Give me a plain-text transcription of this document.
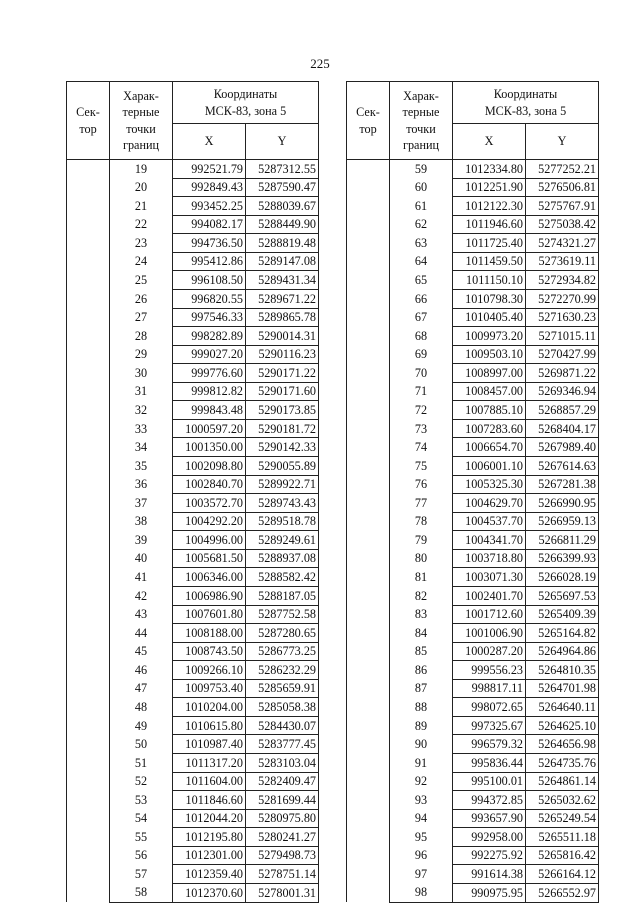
225
Сек-
тор	Харак-
терные
точки
границ	Координаты
МСК-83, зона 5	
		X	Y
	19	992521.79	5287312.55
	20	992849.43	5287590.47
	21	993452.25	5288039.67
	22	994082.17	5288449.90
	23	994736.50	5288819.48
	24	995412.86	5289147.08
	25	996108.50	5289431.34
	26	996820.55	5289671.22
	27	997546.33	5289865.78
	28	998282.89	5290014.31
	29	999027.20	5290116.23
	30	999776.60	5290171.22
	31	999812.82	5290171.60
	32	999843.48	5290173.85
	33	1000597.20	5290181.72
	34	1001350.00	5290142.33
	35	1002098.80	5290055.89
	36	1002840.70	5289922.71
	37	1003572.70	5289743.43
	38	1004292.20	5289518.78
	39	1004996.00	5289249.61
	40	1005681.50	5288937.08
	41	1006346.00	5288582.42
	42	1006986.90	5288187.05
	43	1007601.80	5287752.58
	44	1008188.00	5287280.65
	45	1008743.50	5286773.25
	46	1009266.10	5286232.29
	47	1009753.40	5285659.91
	48	1010204.00	5285058.38
	49	1010615.80	5284430.07
	50	1010987.40	5283777.45
	51	1011317.20	5283103.04
	52	1011604.00	5282409.47
	53	1011846.60	5281699.44
	54	1012044.20	5280975.80
	55	1012195.80	5280241.27
	56	1012301.00	5279498.73
	57	1012359.40	5278751.14
	58	1012370.60	5278001.31
Сек-
тор	Харак-
терные
точки
границ	Координаты
МСК-83, зона 5	
		X	Y
	59	1012334.80	5277252.21
	60	1012251.90	5276506.81
	61	1012122.30	5275767.91
	62	1011946.60	5275038.42
	63	1011725.40	5274321.27
	64	1011459.50	5273619.11
	65	1011150.10	5272934.82
	66	1010798.30	5272270.99
	67	1010405.40	5271630.23
	68	1009973.20	5271015.11
	69	1009503.10	5270427.99
	70	1008997.00	5269871.22
	71	1008457.00	5269346.94
	72	1007885.10	5268857.29
	73	1007283.60	5268404.17
	74	1006654.70	5267989.40
	75	1006001.10	5267614.63
	76	1005325.30	5267281.38
	77	1004629.70	5266990.95
	78	1004537.70	5266959.13
	79	1004341.70	5266811.29
	80	1003718.80	5266399.93
	81	1003071.30	5266028.19
	82	1002401.70	5265697.53
	83	1001712.60	5265409.39
	84	1001006.90	5265164.82
	85	1000287.20	5264964.86
	86	999556.23	5264810.35
	87	998817.11	5264701.98
	88	998072.65	5264640.11
	89	997325.67	5264625.10
	90	996579.32	5264656.98
	91	995836.44	5264735.76
	92	995100.01	5264861.14
	93	994372.85	5265032.62
	94	993657.90	5265249.54
	95	992958.00	5265511.18
	96	992275.92	5265816.42
	97	991614.38	5266164.12
	98	990975.95	5266552.97
